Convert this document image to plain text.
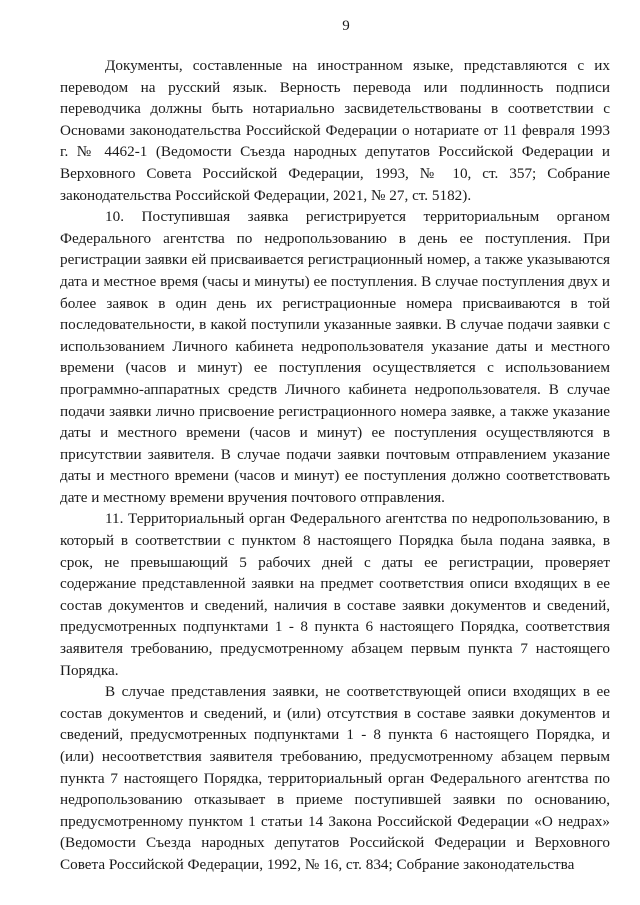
9

Документы, составленные на иностранном языке, представляются с их переводом на русский язык. Верность перевода или подлинность подписи переводчика должны быть нотариально засвидетельствованы в соответствии с Основами законодательства Российской Федерации о нотариате от 11 февраля 1993 г. № 4462-1 (Ведомости Съезда народных депутатов Российской Федерации и Верховного Совета Российской Федерации, 1993, № 10, ст. 357; Собрание законодательства Российской Федерации, 2021, № 27, ст. 5182).

10. Поступившая заявка регистрируется территориальным органом Федерального агентства по недропользованию в день ее поступления. При регистрации заявки ей присваивается регистрационный номер, а также указываются дата и местное время (часы и минуты) ее поступления. В случае поступления двух и более заявок в один день их регистрационные номера присваиваются в той последовательности, в какой поступили указанные заявки. В случае подачи заявки с использованием Личного кабинета недропользователя указание даты и местного времени (часов и минут) ее поступления осуществляется с использованием программно-аппаратных средств Личного кабинета недропользователя. В случае подачи заявки лично присвоение регистрационного номера заявке, а также указание даты и местного времени (часов и минут) ее поступления осуществляются в присутствии заявителя. В случае подачи заявки почтовым отправлением указание даты и местного времени (часов и минут) ее поступления должно соответствовать дате и местному времени вручения почтового отправления.

11. Территориальный орган Федерального агентства по недропользованию, в который в соответствии с пунктом 8 настоящего Порядка была подана заявка, в срок, не превышающий 5 рабочих дней с даты ее регистрации, проверяет содержание представленной заявки на предмет соответствия описи входящих в ее состав документов и сведений, наличия в составе заявки документов и сведений, предусмотренных подпунктами 1 - 8 пункта 6 настоящего Порядка, соответствия заявителя требованию, предусмотренному абзацем первым пункта 7 настоящего Порядка.

В случае представления заявки, не соответствующей описи входящих в ее состав документов и сведений, и (или) отсутствия в составе заявки документов и сведений, предусмотренных подпунктами 1 - 8 пункта 6 настоящего Порядка, и (или) несоответствия заявителя требованию, предусмотренному абзацем первым пункта 7 настоящего Порядка, территориальный орган Федерального агентства по недропользованию отказывает в приеме поступившей заявки по основанию, предусмотренному пунктом 1 статьи 14 Закона Российской Федерации «О недрах» (Ведомости Съезда народных депутатов Российской Федерации и Верховного Совета Российской Федерации, 1992, № 16, ст. 834; Собрание законодательства
